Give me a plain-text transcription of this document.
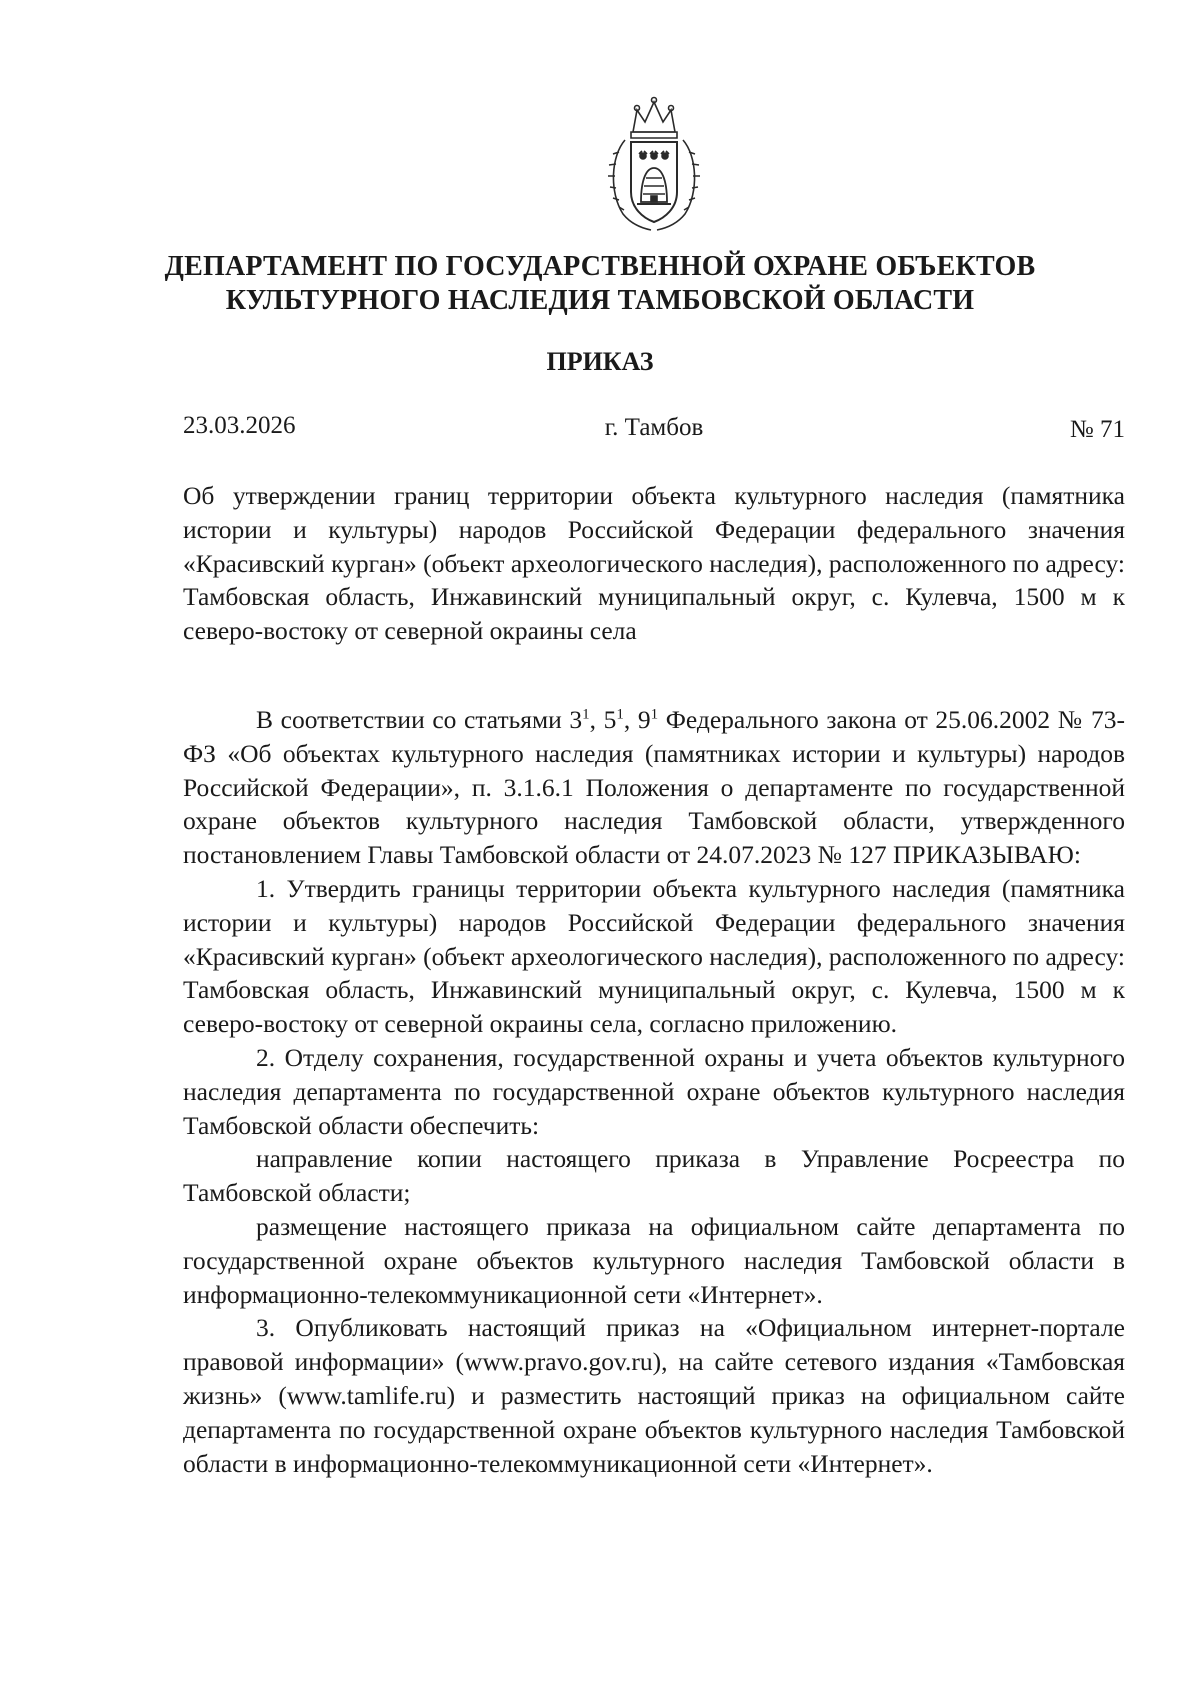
ДЕПАРТАМЕНТ ПО ГОСУДАРСТВЕННОЙ ОХРАНЕ ОБЪЕКТОВ
КУЛЬТУРНОГО НАСЛЕДИЯ ТАМБОВСКОЙ ОБЛАСТИ
ПРИКАЗ
23.03.2026	г. Тамбов	№ 71
Об утверждении границ территории объекта культурного наследия (памятника истории и культуры) народов Российской Федерации федерального значения «Красивский курган» (объект археологического наследия), расположенного по адресу: Тамбовская область, Инжавинский муниципальный округ, с. Кулевча, 1500 м к северо-востоку от северной окраины села

В соответствии со статьями $3^1$, $5^1$, $9^1$ Федерального закона от 25.06.2002 № 73-ФЗ «Об объектах культурного наследия (памятниках истории и культуры) народов Российской Федерации», п. 3.1.6.1 Положения о департаменте по государственной охране объектов культурного наследия Тамбовской области, утвержденного постановлением Главы Тамбовской области от 24.07.2023 № 127 ПРИКАЗЫВАЮ:

1. Утвердить границы территории объекта культурного наследия (памятника истории и культуры) народов Российской Федерации федерального значения «Красивский курган» (объект археологического наследия), расположенного по адресу: Тамбовская область, Инжавинский муниципальный округ, с. Кулевча, 1500 м к северо-востоку от северной окраины села, согласно приложению.

2. Отделу сохранения, государственной охраны и учета объектов культурного наследия департамента по государственной охране объектов культурного наследия Тамбовской области обеспечить:

направление копии настоящего приказа в Управление Росреестра по Тамбовской области;

размещение настоящего приказа на официальном сайте департамента по государственной охране объектов культурного наследия Тамбовской области в информационно-телекоммуникационной сети «Интернет».

3. Опубликовать настоящий приказ на «Официальном интернет-портале правовой информации» (www.pravo.gov.ru), на сайте сетевого издания «Тамбовская жизнь» (www.tamlife.ru) и разместить настоящий приказ на официальном сайте департамента по государственной охране объектов культурного наследия Тамбовской области в информационно-телекоммуникационной сети «Интернет».
